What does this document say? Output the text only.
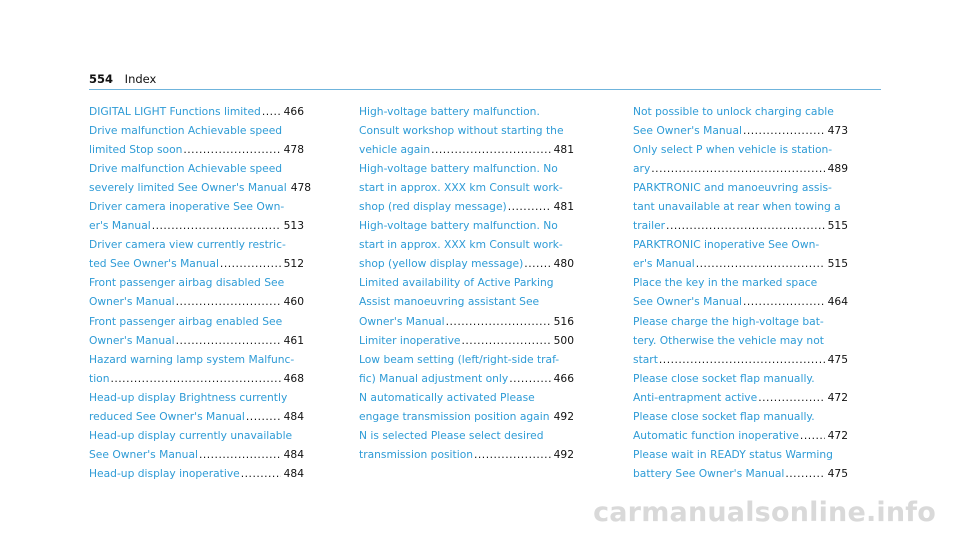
554 Index
DIGITAL LIGHT Functions limited ..... 466
Drive malfunction Achievable speed
limited Stop soon .....	478
Drive malfunction Achievable speed
severely limited See Owner's Manual 478
Driver camera inoperative See Own-
er's Manual .....	513
Driver camera view currently restric-
ted See Owner's Manual .....	512
Front passenger airbag disabled See
Owner's Manual .....	460
Front passenger airbag enabled See
Owner's Manual .....	461
Hazard warning lamp system Malfunc-
tion .....	468
Head-up display Brightness currently
reduced See Owner's Manual .....	484
Head-up display currently unavailable
See Owner's Manual .....	484
Head-up display inoperative .....	484
High-voltage battery malfunction.
Consult workshop without starting the
vehicle again .....	481
High-voltage battery malfunction. No
start in approx. XXX km Consult work-
shop (red display message) .....	481
High-voltage battery malfunction. No
start in approx. XXX km Consult work-
shop (yellow display message) .....	480
Limited availability of Active Parking
Assist manoeuvring assistant See
Owner's Manual .....	516
Limiter inoperative .....	500
Low beam setting (left/right-side traf-
fic) Manual adjustment only .....	466
N automatically activated Please
engage transmission position again ..... 492
N is selected Please select desired
transmission position .....	492
Not possible to unlock charging cable
See Owner's Manual .....	473
Only select P when vehicle is station-
ary .....	489
PARKTRONIC and manoeuvring assis-
tant unavailable at rear when towing a
trailer .....	515
PARKTRONIC inoperative See Own-
er's Manual .....	515
Place the key in the marked space
See Owner's Manual .....	464
Please charge the high-voltage bat-
tery. Otherwise the vehicle may not
start .....	475
Please close socket flap manually.
Anti-entrapment active .....	472
Please close socket flap manually.
Automatic function inoperative .....	472
Please wait in READY status Warming
battery See Owner's Manual .....	475
carmanualsonline.info
